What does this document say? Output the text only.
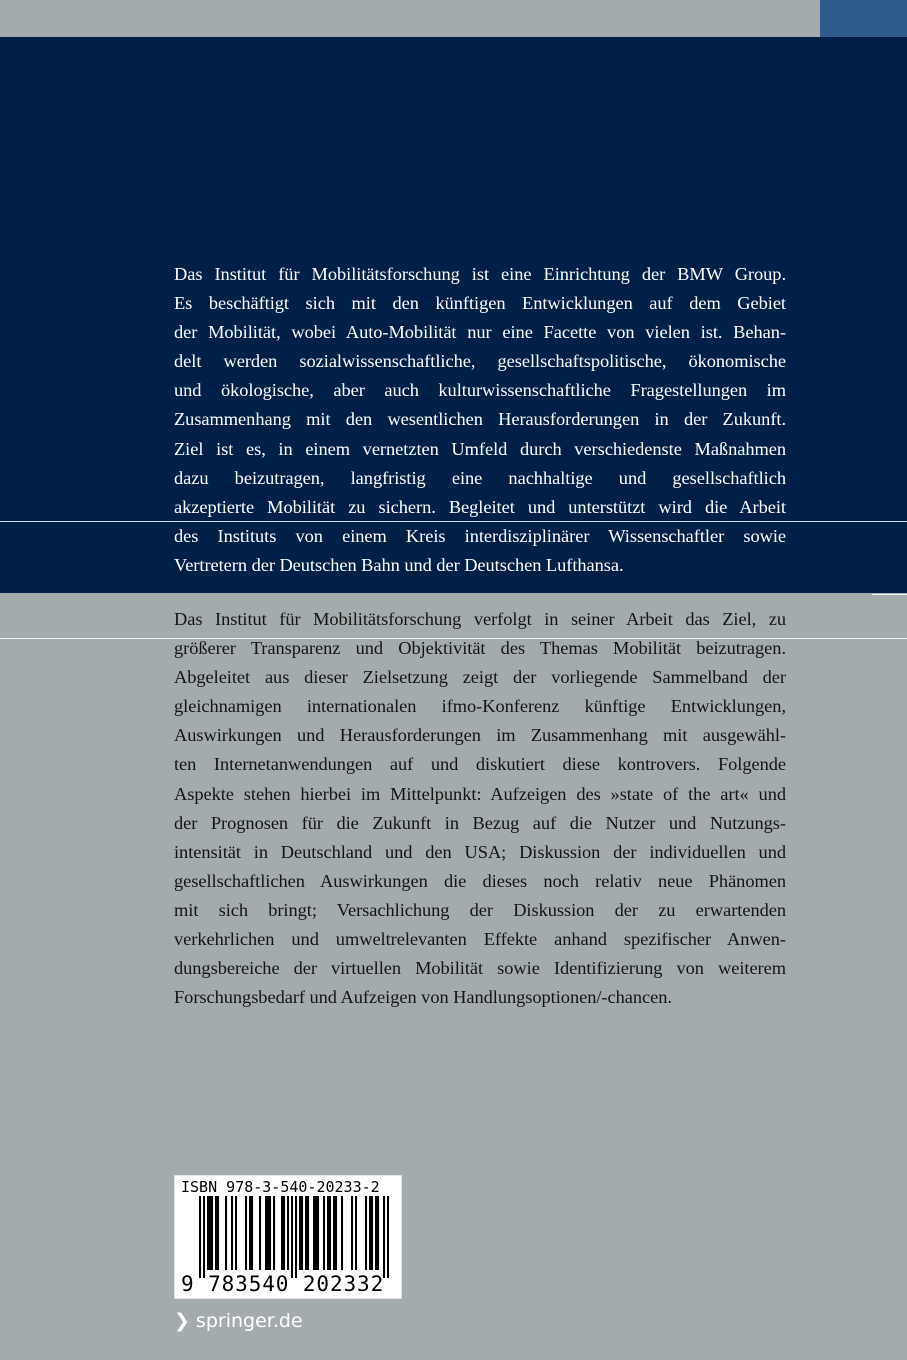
Das Institut für Mobilitätsforschung ist eine Einrichtung der BMW Group.
Es beschäftigt sich mit den künftigen Entwicklungen auf dem Gebiet
der Mobilität, wobei Auto-Mobilität nur eine Facette von vielen ist. Behan-
delt werden sozialwissenschaftliche, gesellschaftspolitische, ökonomische
und ökologische, aber auch kulturwissenschaftliche Fragestellungen im
Zusammenhang mit den wesentlichen Herausforderungen in der Zukunft.
Ziel ist es, in einem vernetzten Umfeld durch verschiedenste Maßnahmen
dazu beizutragen, langfristig eine nachhaltige und gesellschaftlich
akzeptierte Mobilität zu sichern. Begleitet und unterstützt wird die Arbeit
des Instituts von einem Kreis interdisziplinärer Wissenschaftler sowie
Vertretern der Deutschen Bahn und der Deutschen Lufthansa.
Das Institut für Mobilitätsforschung verfolgt in seiner Arbeit das Ziel, zu
größerer Transparenz und Objektivität des Themas Mobilität beizutragen.
Abgeleitet aus dieser Zielsetzung zeigt der vorliegende Sammelband der
gleichnamigen internationalen ifmo-Konferenz künftige Entwicklungen,
Auswirkungen und Herausforderungen im Zusammenhang mit ausgewähl-
ten Internetanwendungen auf und diskutiert diese kontrovers. Folgende
Aspekte stehen hierbei im Mittelpunkt: Aufzeigen des »state of the art« und
der Prognosen für die Zukunft in Bezug auf die Nutzer und Nutzungs-
intensität in Deutschland und den USA; Diskussion der individuellen und
gesellschaftlichen Auswirkungen die dieses noch relativ neue Phänomen
mit sich bringt; Versachlichung der Diskussion der zu erwartenden
verkehrlichen und umweltrelevanten Effekte anhand spezifischer Anwen-
dungsbereiche der virtuellen Mobilität sowie Identifizierung von weiterem
Forschungsbedarf und Aufzeigen von Handlungsoptionen/-chancen.
ISBN 978-3-540-20233-2
9 783540 202332
❯ springer.de
